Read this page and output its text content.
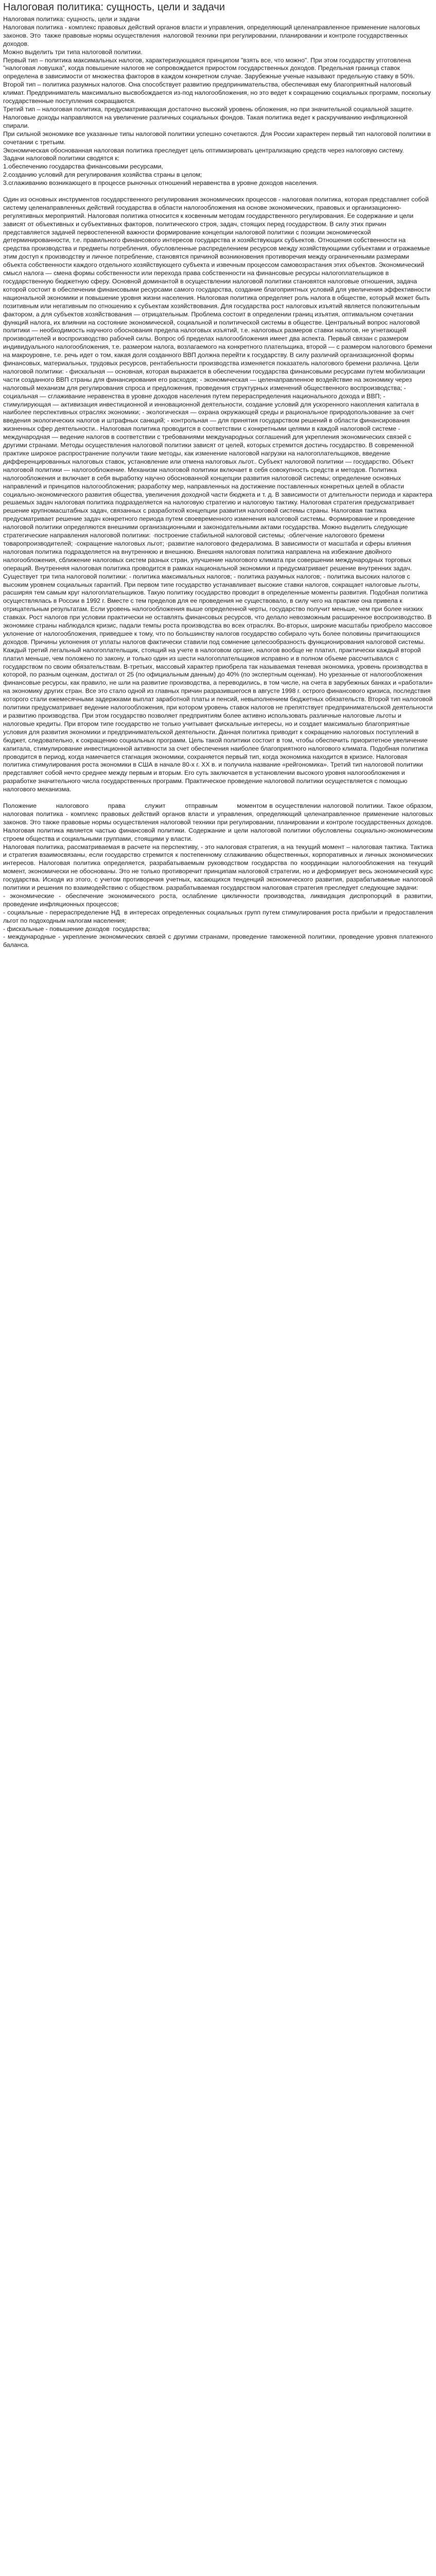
Налоговая политика: сущность, цели и задачи

Налоговая политика: сущность, цели и задачи

Налоговая политика - комплекс правовых действий органов власти и управления, определяющий целенаправленное применение налоговых законов. Это  также правовые нормы осуществления  налоговой техники при регулировании, планировании и контроле государственных  доходов.

Можно выделить три типа налоговой политики.

Первый тип – политика максимальных налогов, характеризующаяся принципом "взять все, что можно". При этом государству угготовлена "налоговая ловушка", когда повышение налогов не сопровождается приростом государственных доходов. Предельная граница ставок определена в зависимости от множества факторов в каждом конкретном случае. Зарубежные ученые называют предельную ставку в 50%.

Второй тип – политика разумных налогов. Она способствует развитию предпринимательства, обеспечивая ему благоприятный налоговый климат. Предприниматель максимально высвобождается из-под налогообложения, но это ведет к сокращению социальных программ, поскольку государственные поступления сокращаются.

Третий тип – налоговая политика, предусматривающая достаточно высокий уровень обложения, но при значительной социальной защите. Налоговые доходы направляются на увеличение различных социальных фондов. Такая политика ведет к раскручиванию инфляционной спирали.

При сильной экономике все указанные типы налоговой политики успешно сочетаются. Для России характерен первый тип налоговой политики в сочетании с третьим.

Экономическая обоснованная налоговая политика преследует цель оптимизировать централизацию средств через налоговую систему.

Задачи налоговой политики сводятся к:

1.обеспечению государства финансовыми ресурсами,

2.созданию условий для регулирования хозяйства страны в целом;

3.сглаживанию возникающего в процессе рыночных отношений неравенства в уровне доходов населения.

Один из основных инструментов государственного регулирования экономических процессов - налоговая политика, которая представляет собой систему целенаправленных действий государства в области налогообложения на основе экономических, правовых и организационно-регулятивных мероприятий. Налоговая политика относится к косвенным методам государственного регулирования. Ее содержание и цели зависят от объективных и субъективных факторов, политического строя, задач, стоящих перед государством. В силу этих причин представляется задачей первостепенной важности формирование концепции налоговой политики с позиции экономической детерминированности, т.е. правильного финансового интересов государства и хозяйствующих субъектов. Отношения собственности на средства производства и предметы потребления, обусловленные распределением ресурсов между хозяйствующими субъектами и отражаемые этим доступ к производству и личное потребление, становятся причиной возникновения противоречия между ограниченными размерами объекта собственности каждого отдельного хозяйствующего субъекта и извечным процессом самовозрастания этих объектов. Экономический смысл налога — смена формы собственности или перехода права собственности на финансовые ресурсы налогоплательщиков в государственную бюджетную сферу. Основной доминантой в осуществлении налоговой политики становятся налоговые отношения, задача которой состоит в обеспечении финансовыми ресурсами самого государства, создание благоприятных условий для увеличения эффективности национальной экономики и повышение уровня жизни населения. Налоговая политика определяет роль налога в обществе, который может быть позитивным или негативным по отношению к субъектам хозяйствования. Для государства рост налоговых изъятий является положительным фактором, а для субъектов хозяйствования — отрицательным. Проблема состоит в определении границ изъятия, оптимальном сочетании функций налога, их влиянии на состояние экономической, социальной и политической системы в обществе. Центральный вопрос налоговой политики — необходимость научного обоснования предела налоговых изъятий, т.е. налоговых размеров ставки налогов, не угнетающей производителей и воспроизводство рабочей силы. Вопрос об пределах налогообложения имеет два аспекта. Первый связан с размером индивидуального налогообложения, т.е. размером налога, возлагаемого на конкретного плательщика, второй — с размером налогового бремени на макроуровне, т.е. речь идет о том, какая доля созданного ВВП должна перейти к государству. В силу различий организационной формы финансовых, материальных, трудовых ресурсов, рентабельности производства изменяется показатель налогового бремени различна. Цели налоговой политики: - фискальная — основная, которая выражается в обеспечении государства финансовыми ресурсами путем мобилизации части созданного ВВП страны для финансирования его расходов; - экономическая — целенаправленное воздействие на экономику через налоговый механизм для регулирования спроса и предложения, проведения структурных изменений общественного воспроизводства; - социальная — сглаживание неравенства в уровне доходов населения путем перераспределения национального дохода и ВВП; - стимулирующая — активизация инвестиционной и инновационной деятельности, создание условий для ускоренного накопления капитала в наиболее перспективных отраслях экономики; - экологическая — охрана окружающей среды и рациональное природопользование за счет введения экологических налогов и штрафных санкций; - контрольная — для принятия государством решений в области финансирования жизненных сфер деятельности.. Налоговая политика проводится в соответствии с конкретными целями в каждой налоговой системе - международная — ведение налогов в соответствии с требованиями международных соглашений для укрепления экономических связей с другими странами. Методы осуществления налоговой политики зависят от целей, которых стремится достичь государство. В современной практике широкое распространение получили такие методы, как изменение налоговой нагрузки на налогоплательщиков, введение дифференцированных налоговых ставок, установление или отмена налоговых льгот.. Субъект налоговой политики — государство. Объект налоговой политики — налогообложение. Механизм налоговой политики включает в себя совокупность средств и методов. Политика налогообложения и включает в себя выработку научно обоснованной концепции развития налоговой системы; определение основных направлений и принципов налогообложения; разработку мер, направленных на достижение поставленных конкретных целей в области социально-экономического развития общества, увеличения доходной части бюджета и т. д. В зависимости от длительности периода и характера решаемых задач налоговая политика подразделяется на налоговую стратегию и налоговую тактику. Налоговая стратегия предусматривает решение крупномасштабных задач, связанных с разработкой концепции развития налоговой системы страны. Налоговая тактика предусматривает решение задач конкретного периода путем своевременного изменения налоговой системы. Формирование и проведение налоговой политики определяются внешними организационными и законодательными актами государства. Можно выделить следующие стратегические направления налоговой политики: ·построение стабильной налоговой системы; ·облегчение налогового бремени товаропроизводителей; ·сокращение налоговых льгот; ·развитие налогового федерализма. В зависимости от масштаба и сферы влияния налоговая политика подразделяется на внутреннюю и внешнюю. Внешняя налоговая политика направлена на избежание двойного налогообложения, сближение налоговых систем разных стран, улучшение налогового климата при совершении международных торговых операций. Внутренняя налоговая политика проводится в рамках национальной экономики и предусматривает решение внутренних задач. Существует три типа налоговой политики: - политика максимальных налогов; - политика разумных налогов; - политика высоких налогов с высоким уровнем социальных гарантий. При первом типе государство устанавливает высокие ставки налогов, сокращает налоговые льготы, расширяя тем самым круг налогоплательщиков. Такую политику государство проводит в определенные моменты развития. Подобная политика осуществлялась в России в 1992 г. Вместе с тем пределов для ее проведения не существовало, в силу чего на практике она привела к отрицательным результатам. Если уровень налогообложения выше определенной черты, государство получит меньше, чем при более низких ставках. Рост налогов при условии практически не оставлять финансовых ресурсов, что делало невозможным расширенное воспроизводство. В экономике страны наблюдался кризис, падали темпы роста производства во всех отраслях. Во-вторых, широкие масштабы приобрело массовое уклонение от налогообложения, приведшее к тому, что по большинству налогов государство собирало чуть более половины причитающихся доходов. Причины уклонения от уплаты налогов фактически ставили под сомнение целесообразность функционирования налоговой системы. Каждый третий легальный налогоплательщик, стоящий на учете в налоговом органе, налогов вообще не платил, практически каждый второй платил меньше, чем положено по закону, и только один из шести налогоплательщиков исправно и в полном объеме рассчитывался с государством по своим обязательствам. В-третьих, массовый характер приобрела так называемая теневая экономика, уровень производства в которой, по разным оценкам, достигал от 25 (по официальным данным) до 40% (по экспертным оценкам). Но урезанные от налогообложения финансовые ресурсы, как правило, не шли на развитие производства, а переводились, в том числе, на счета в зарубежных банках и «работали» на экономику других стран. Все это стало одной из главных причин разразившегося в августе 1998 г. острого финансового кризиса, последствия которого стали ежемесячными задержками выплат заработной платы и пенсий, невыполнением бюджетных обязательств. Второй тип налоговой политики предусматривает ведение налогообложения, при котором уровень ставок налогов не препятствует предпринимательской деятельности и развитию производства. При этом государство позволяет предприятиям более активно использовать различные налоговые льготы и налоговые кредиты. При втором типе государство не только учитывает фискальные интересы, но и создает максимально благоприятные условия для развития экономики и предпринимательской деятельности. Данная политика приводит к сокращению налоговых поступлений в бюджет, следовательно, к сокращению социальных программ. Цель такой политики состоит в том, чтобы обеспечить приоритетное увеличение капитала, стимулирование инвестиционной активности за счет обеспечения наиболее благоприятного налогового климата. Подобная политика проводится в период, когда намечается стагнация экономики, сохраняется первый тип, когда экономика находится в кризисе. Налоговая политика стимулирования роста экономики в США в начале 80-х г. XX в. и получила название «рейгономика». Третий тип налоговой политики представляет собой нечто среднее между первым и вторым. Его суть заключается в установлении высокого уровня налогообложения и разработке значительного числа государственных программ. Практическое проведение налоговой политики осуществляется с помощью налогового механизма.

Положение        налогового        права        служит        отправным        моментом в осуществлении налоговой политики. Такое образом, налоговая политика - комплекс правовых действий органов власти и управления, определяющий целенаправленное применение налоговых законов. Это также правовые нормы осуществления налоговой техники при регулировании, планировании и контроле государственных доходов. Налоговая политика является частью финансовой политики. Содержание и цели налоговой политики обусловлены социально-экономическим строем общества и социальными группами, стоящими у власти.

Налоговая политика, рассматриваемая в расчете на перспективу, - это налоговая стратегия, а на текущий момент – налоговая тактика. Тактика и стратегия взаимосвязаны, если государство стремится к постепенному сглаживанию общественных, корпоративных и личных экономических интересов. Налоговая политика определяется, разрабатываемым руководством государства по координации налогообложения на текущий момент, экономически не обоснованы. Это не только противоречит принципам налоговой стратегии, но и деформирует весь экономический курс государства. Исходя из этого, с учетом противоречия учетных, касающихся тенденций экономического развития, разрабатываемые налоговой политики и решения по взаимодействию с обществом. разрабатываемая государством налоговая стратегия преследует следующие задачи:

- экономические - обеспечение экономического роста, ослабление цикличности производства, ликвидация диспропорций в развитии, проведение инфляционных процессов;

- социальные - перераспределение НД  в интересах определенных социальных групп путем стимулирования роста прибыли и предоставления льгот по подоходным налогам населения;

- фискальные - повышение доходов  государства;

- международные - укрепление экономических связей с другими странами, проведение таможенной политики, проведение уровня платежного баланса.
